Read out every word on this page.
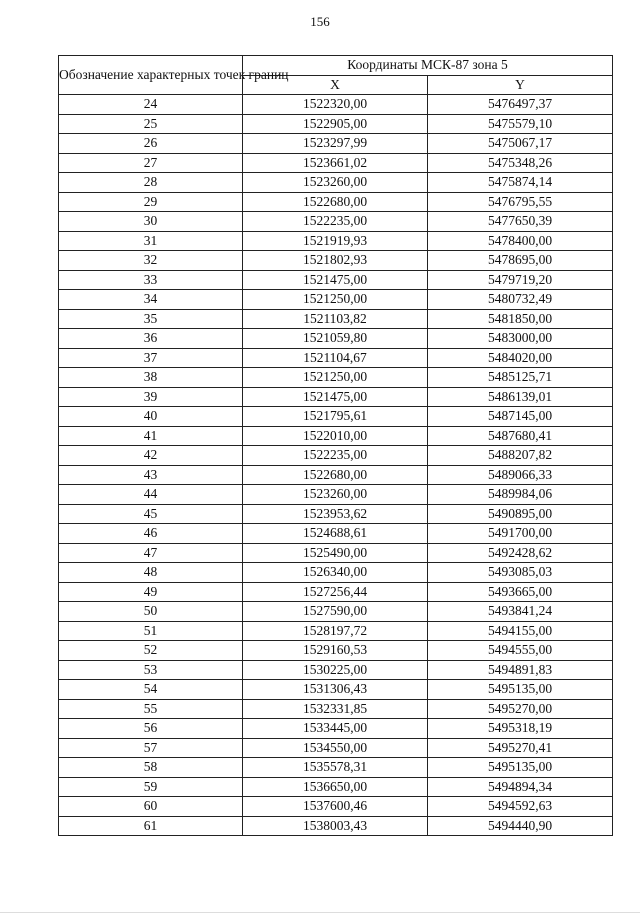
156
Обозначение характерных точек границ	Координаты МСК-87 зона 5	
	X	Y
24	1522320,00	5476497,37
25	1522905,00	5475579,10
26	1523297,99	5475067,17
27	1523661,02	5475348,26
28	1523260,00	5475874,14
29	1522680,00	5476795,55
30	1522235,00	5477650,39
31	1521919,93	5478400,00
32	1521802,93	5478695,00
33	1521475,00	5479719,20
34	1521250,00	5480732,49
35	1521103,82	5481850,00
36	1521059,80	5483000,00
37	1521104,67	5484020,00
38	1521250,00	5485125,71
39	1521475,00	5486139,01
40	1521795,61	5487145,00
41	1522010,00	5487680,41
42	1522235,00	5488207,82
43	1522680,00	5489066,33
44	1523260,00	5489984,06
45	1523953,62	5490895,00
46	1524688,61	5491700,00
47	1525490,00	5492428,62
48	1526340,00	5493085,03
49	1527256,44	5493665,00
50	1527590,00	5493841,24
51	1528197,72	5494155,00
52	1529160,53	5494555,00
53	1530225,00	5494891,83
54	1531306,43	5495135,00
55	1532331,85	5495270,00
56	1533445,00	5495318,19
57	1534550,00	5495270,41
58	1535578,31	5495135,00
59	1536650,00	5494894,34
60	1537600,46	5494592,63
61	1538003,43	5494440,90
